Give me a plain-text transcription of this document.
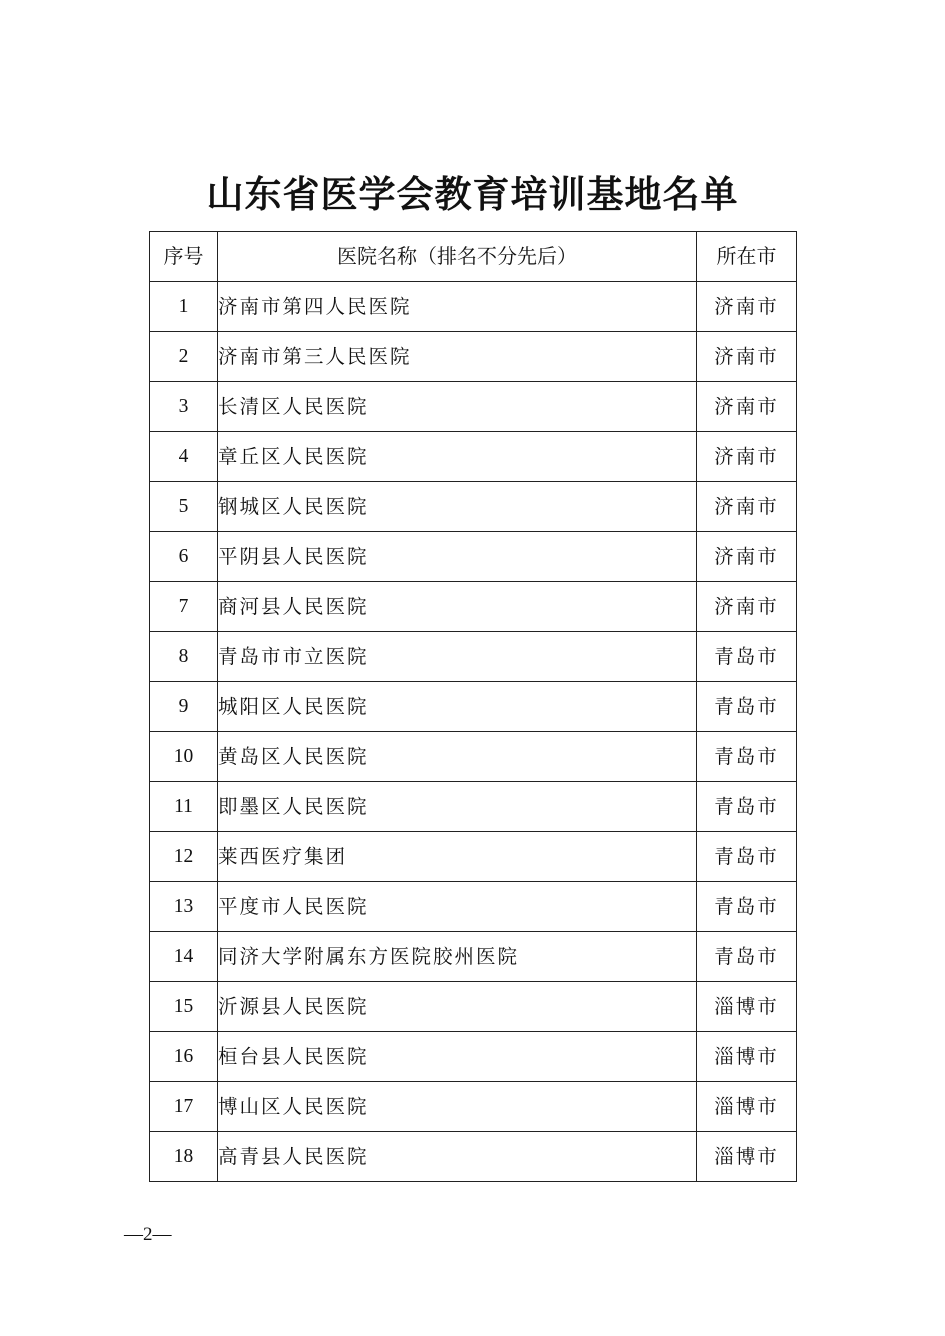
山东省医学会教育培训基地名单
序号	医院名称（排名不分先后）	所在市
1	济南市第四人民医院	济南市
2	济南市第三人民医院	济南市
3	长清区人民医院	济南市
4	章丘区人民医院	济南市
5	钢城区人民医院	济南市
6	平阴县人民医院	济南市
7	商河县人民医院	济南市
8	青岛市市立医院	青岛市
9	城阳区人民医院	青岛市
10	黄岛区人民医院	青岛市
11	即墨区人民医院	青岛市
12	莱西医疗集团	青岛市
13	平度市人民医院	青岛市
14	同济大学附属东方医院胶州医院	青岛市
15	沂源县人民医院	淄博市
16	桓台县人民医院	淄博市
17	博山区人民医院	淄博市
18	高青县人民医院	淄博市
—2—
